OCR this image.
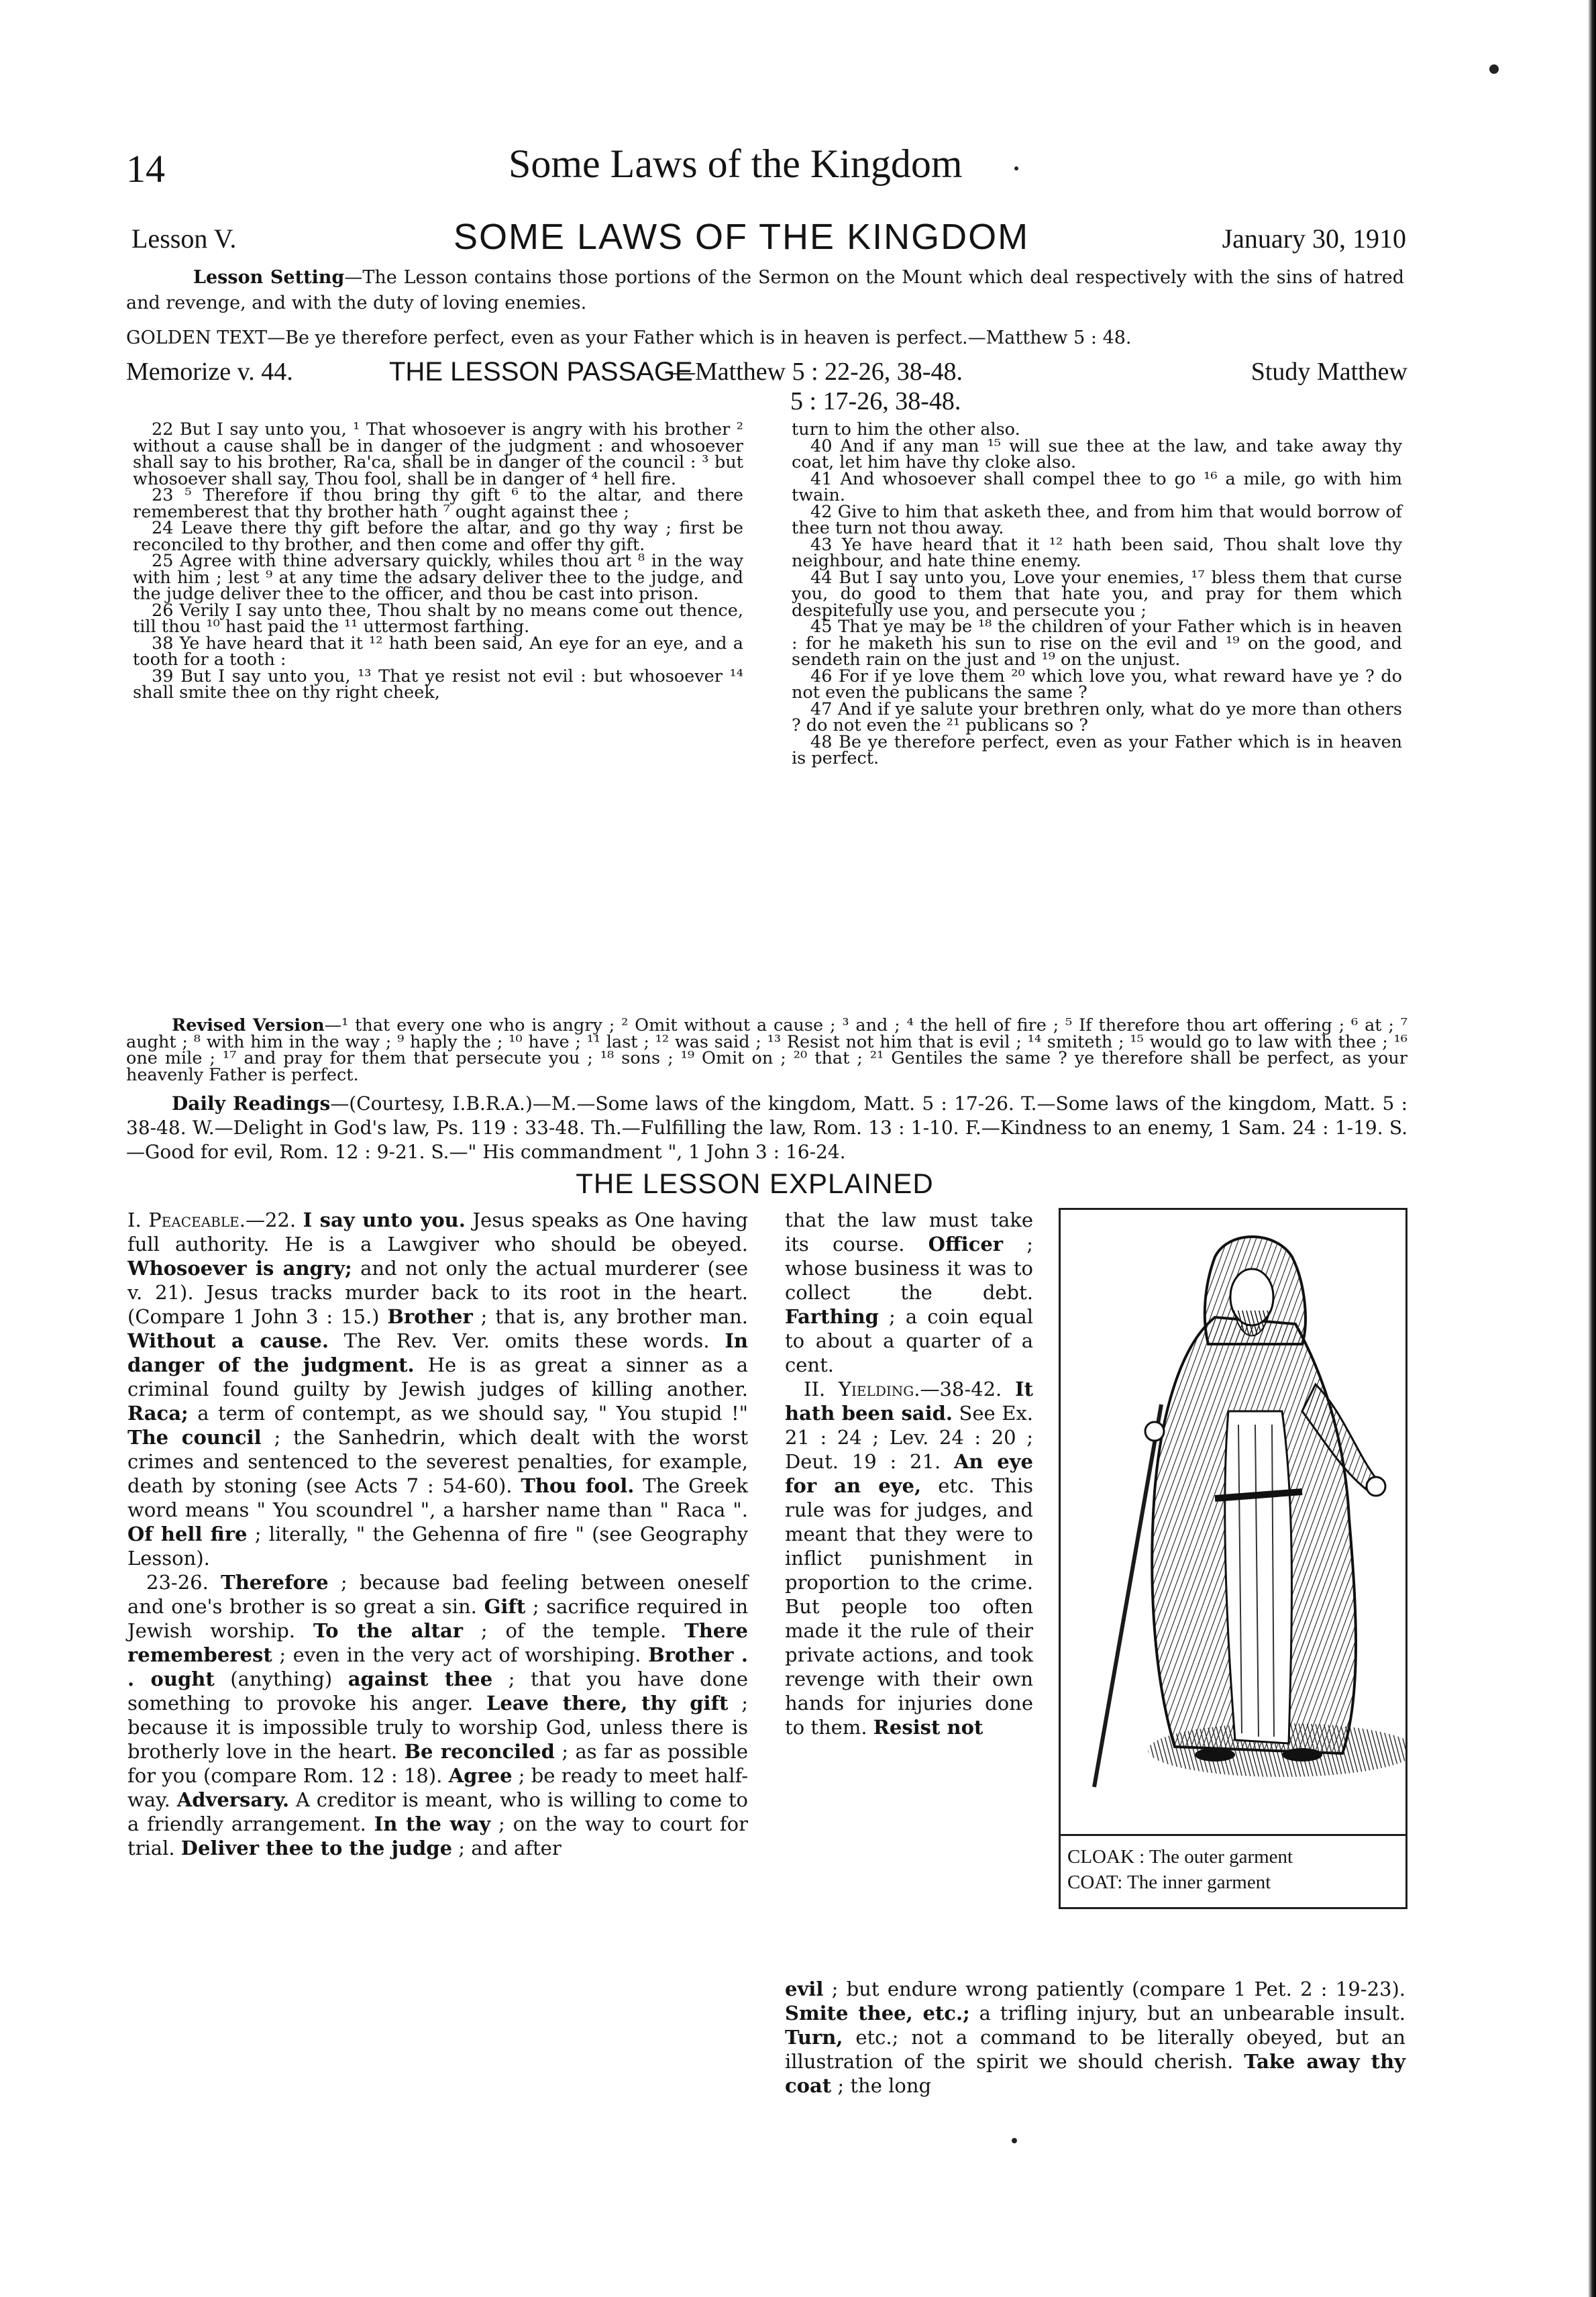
14	Some Laws of the Kingdom
Lesson V.	SOME LAWS OF THE KINGDOM	January 30, 1910
Lesson Setting—The Lesson contains those portions of the Sermon on the Mount which deal respectively with the sins of hatred and revenge, and with the duty of loving enemies.
GOLDEN TEXT—Be ye therefore perfect, even as your Father which is in heaven is perfect.—Matthew 5 : 48.
Memorize v. 44.	THE LESSON PASSAGE
—Matthew 5 : 22-26, 38-48.	Study Matthew
5 : 17-26, 38-48.

22 But I say unto you, ¹ That whosoever is angry with his brother ² without a cause shall be in danger of the judgment : and whosoever shall say to his brother, Ra'ca, shall be in danger of the council : ³ but whosoever shall say, Thou fool, shall be in danger of ⁴ hell fire.

23 ⁵ Therefore if thou bring thy gift ⁶ to the altar, and there rememberest that thy brother hath ⁷ ought against thee ;

24 Leave there thy gift before the altar, and go thy way ; first be reconciled to thy brother, and then come and offer thy gift.

25 Agree with thine adversary quickly, whiles thou art ⁸ in the way with him ; lest ⁹ at any time the adsary deliver thee to the judge, and the judge deliver thee to the officer, and thou be cast into prison.

26 Verily I say unto thee, Thou shalt by no means come out thence, till thou ¹⁰ hast paid the ¹¹ uttermost farthing.

38 Ye have heard that it ¹² hath been said, An eye for an eye, and a tooth for a tooth :

39 But I say unto you, ¹³ That ye resist not evil : but whosoever ¹⁴ shall smite thee on thy right cheek,

turn to him the other also.

40 And if any man ¹⁵ will sue thee at the law, and take away thy coat, let him have thy cloke also.

41 And whosoever shall compel thee to go ¹⁶ a mile, go with him twain.

42 Give to him that asketh thee, and from him that would borrow of thee turn not thou away.

43 Ye have heard that it ¹² hath been said, Thou shalt love thy neighbour, and hate thine enemy.

44 But I say unto you, Love your enemies, ¹⁷ bless them that curse you, do good to them that hate you, and pray for them which despitefully use you, and persecute you ;

45 That ye may be ¹⁸ the children of your Father which is in heaven : for he maketh his sun to rise on the evil and ¹⁹ on the good, and sendeth rain on the just and ¹⁹ on the unjust.

46 For if ye love them ²⁰ which love you, what reward have ye ? do not even the publicans the same ?

47 And if ye salute your brethren only, what do ye more than others ? do not even the ²¹ publicans so ?

48 Be ye therefore perfect, even as your Father which is in heaven is perfect.

Revised Version—¹ that every one who is angry ; ² Omit without a cause ; ³ and ; ⁴ the hell of fire ; ⁵ If therefore thou art offering ; ⁶ at ; ⁷ aught ; ⁸ with him in the way ; ⁹ haply the ; ¹⁰ have ; ¹¹ last ; ¹² was said ; ¹³ Resist not him that is evil ; ¹⁴ smiteth ; ¹⁵ would go to law with thee ; ¹⁶ one mile ; ¹⁷ and pray for them that persecute you ; ¹⁸ sons ; ¹⁹ Omit on ; ²⁰ that ; ²¹ Gentiles the same ? ye therefore shall be perfect, as your heavenly Father is perfect.
Daily Readings—(Courtesy, I.B.R.A.)—M.—Some laws of the kingdom, Matt. 5 : 17-26. T.—Some laws of the kingdom, Matt. 5 : 38-48. W.—Delight in God's law, Ps. 119 : 33-48. Th.—Fulfilling the law, Rom. 13 : 1-10. F.—Kindness to an enemy, 1 Sam. 24 : 1-19. S.—Good for evil, Rom. 12 : 9-21. S.—" His commandment ", 1 John 3 : 16-24.
THE LESSON EXPLAINED

I. Peaceable.—22. I say unto you. Jesus speaks as One having full authority. He is a Lawgiver who should be obeyed. Whosoever is angry; and not only the actual murderer (see v. 21). Jesus tracks murder back to its root in the heart. (Compare 1 John 3 : 15.) Brother ; that is, any brother man. Without a cause. The Rev. Ver. omits these words. In danger of the judgment. He is as great a sinner as a criminal found guilty by Jewish judges of killing another. Raca; a term of contempt, as we should say, " You stupid !" The council ; the Sanhedrin, which dealt with the worst crimes and sentenced to the severest penalties, for example, death by stoning (see Acts 7 : 54-60). Thou fool. The Greek word means " You scoundrel ", a harsher name than " Raca ". Of hell fire ; literally, " the Gehenna of fire " (see Geography Lesson).

23-26. Therefore ; because bad feeling between oneself and one's brother is so great a sin. Gift ; sacrifice required in Jewish worship. To the altar ; of the temple. There rememberest ; even in the very act of worshiping. Brother . . ought (anything) against thee ; that you have done something to provoke his anger. Leave there, thy gift ; because it is impossible truly to worship God, unless there is brotherly love in the heart. Be reconciled ; as far as possible for you (compare Rom. 12 : 18). Agree ; be ready to meet half-way. Adversary. A creditor is meant, who is willing to come to a friendly arrangement. In the way ; on the way to court for trial. Deliver thee to the judge ; and after

that the law must take its course. Officer ; whose business it was to collect the debt. Farthing ; a coin equal to about a quarter of a cent.

II. Yielding.—38-42. It hath been said. See Ex. 21 : 24 ; Lev. 24 : 20 ; Deut. 19 : 21. An eye for an eye, etc. This rule was for judges, and meant that they were to inflict punishment in proportion to the crime. But people too often made it the rule of their private actions, and took revenge with their own hands for injuries done to them. Resist not

evil ; but endure wrong patiently (compare 1 Pet. 2 : 19-23). Smite thee, etc.; a trifling injury, but an unbearable insult. Turn, etc.; not a command to be literally obeyed, but an illustration of the spirit we should cherish. Take away thy coat ; the long

CLOAK : The outer garment
COAT: The inner garment
